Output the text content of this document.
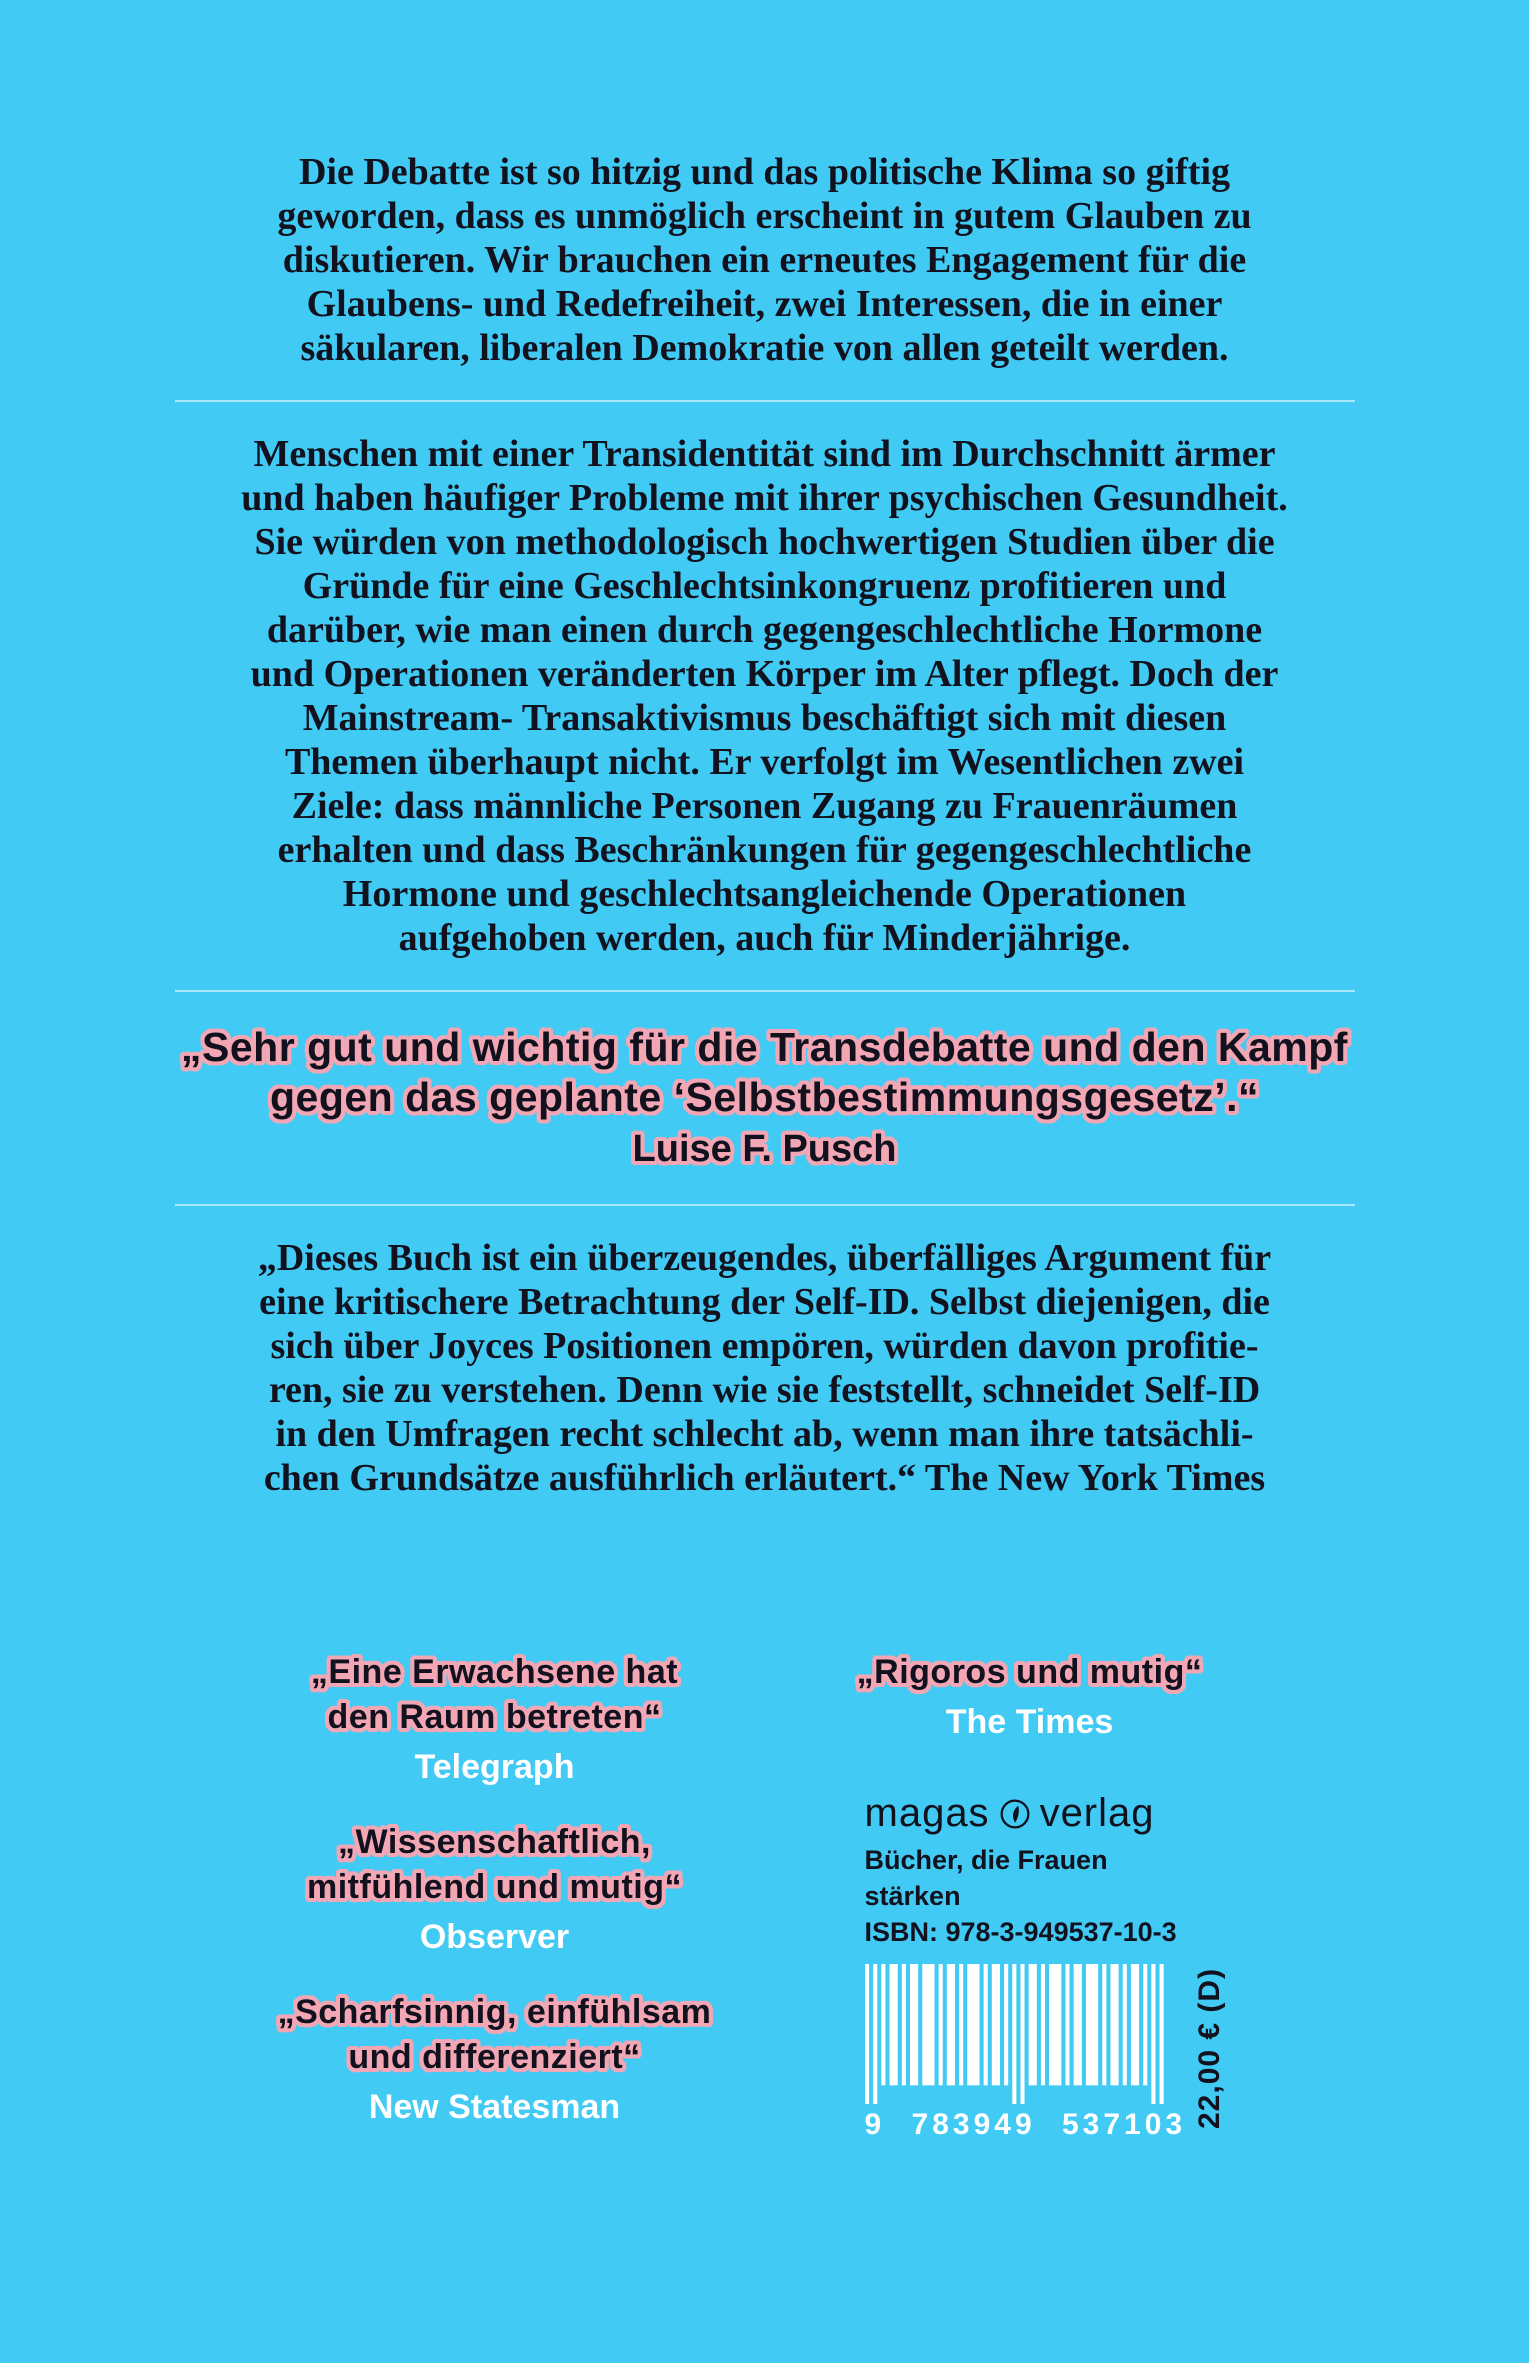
Die Debatte ist so hitzig und das politische Klima so giftig
geworden, dass es unmöglich erscheint in gutem Glauben zu
diskutieren. Wir brauchen ein erneutes Engagement für die
Glaubens- und Redefreiheit, zwei Interessen, die in einer
säkularen, liberalen Demokratie von allen geteilt werden.
Menschen mit einer Transidentität sind im Durchschnitt ärmer
und haben häufiger Probleme mit ihrer psychischen Gesundheit.
Sie würden von methodologisch hochwertigen Studien über die
Gründe für eine Geschlechtsinkongruenz profitieren und
darüber, wie man einen durch gegengeschlechtliche Hormone
und Operationen veränderten Körper im Alter pflegt. Doch der
Mainstream- Transaktivismus beschäftigt sich mit diesen
Themen überhaupt nicht. Er verfolgt im Wesentlichen zwei
Ziele: dass männliche Personen Zugang zu Frauenräumen
erhalten und dass Beschränkungen für gegengeschlechtliche
Hormone und geschlechtsangleichende Operationen
aufgehoben werden, auch für Minderjährige.
„Sehr gut und wichtig für die Transdebatte und den Kampf
gegen das geplante ‘Selbstbestimmungsgesetz’.“
Luise F. Pusch
„Dieses Buch ist ein überzeugendes, überfälliges Argument für
eine kritischere Betrachtung der Self-ID. Selbst diejenigen, die
sich über Joyces Positionen empören, würden davon profitie-
ren, sie zu verstehen. Denn wie sie feststellt, schneidet Self-ID
in den Umfragen recht schlecht ab, wenn man ihre tatsächli-
chen Grundsätze ausführlich erläutert.“ The New York Times
„Eine Erwachsene hat
den Raum betreten“
Telegraph
„Wissenschaftlich,
mitfühlend und mutig“
Observer
„Scharfsinnig, einfühlsam
und differenziert“
New Statesman
„Rigoros und mutig“
The Times
magas verlag
Bücher, die Frauen stärken
ISBN: 978-3-949537-10-3
9 783949 537103 22,00 € (D)
